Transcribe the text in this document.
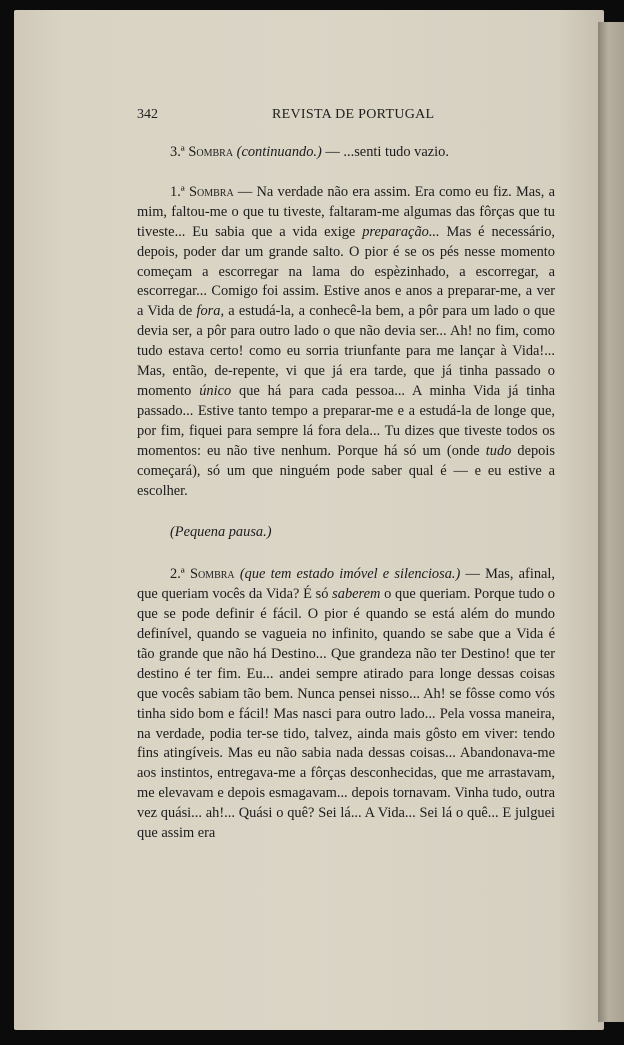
342	REVISTA DE PORTUGAL

3.ª Sombra (continuando.) — ...senti tudo vazio.

1.ª Sombra — Na verdade não era assim. Era como eu fiz. Mas, a mim, faltou-me o que tu tiveste, faltaram-me algumas das fôrças que tu tiveste... Eu sabia que a vida exige preparação... Mas é necessário, depois, poder dar um grande salto. O pior é se os pés nesse momento começam a escorregar na lama do espèzinhado, a escorregar, a escorregar... Comigo foi assim. Estive anos e anos a preparar-me, a ver a Vida de fora, a estudá-la, a conhecê-la bem, a pôr para um lado o que devia ser, a pôr para outro lado o que não devia ser... Ah! no fim, como tudo estava certo! como eu sorria triunfante para me lançar à Vida!... Mas, então, de-repente, vi que já era tarde, que já tinha passado o momento único que há para cada pessoa... A minha Vida já tinha passado... Estive tanto tempo a preparar-me e a estudá-la de longe que, por fim, fiquei para sempre lá fora dela... Tu dizes que tiveste todos os momentos: eu não tive nenhum. Porque há só um (onde tudo depois começará), só um que ninguém pode saber qual é — e eu estive a escolher.

(Pequena pausa.)

2.ª Sombra (que tem estado imóvel e silenciosa.) — Mas, afinal, que queriam vocês da Vida? É só saberem o que queriam. Porque tudo o que se pode definir é fácil. O pior é quando se está além do mundo definível, quando se vagueia no infinito, quando se sabe que a Vida é tão grande que não há Destino... Que grandeza não ter Destino! que ter destino é ter fim. Eu... andei sempre atirado para longe dessas coisas que vocês sabiam tão bem. Nunca pensei nisso... Ah! se fôsse como vós tinha sido bom e fácil! Mas nasci para outro lado... Pela vossa maneira, na verdade, podia ter-se tido, talvez, ainda mais gôsto em viver: tendo fins atingíveis. Mas eu não sabia nada dessas coisas... Abandonava-me aos instintos, entregava-me a fôrças desconhecidas, que me arrastavam, me elevavam e depois esmagavam... depois tornavam. Vinha tudo, outra vez quási... ah!... Quási o quê? Sei lá... A Vida... Sei lá o quê... E julguei que assim era
